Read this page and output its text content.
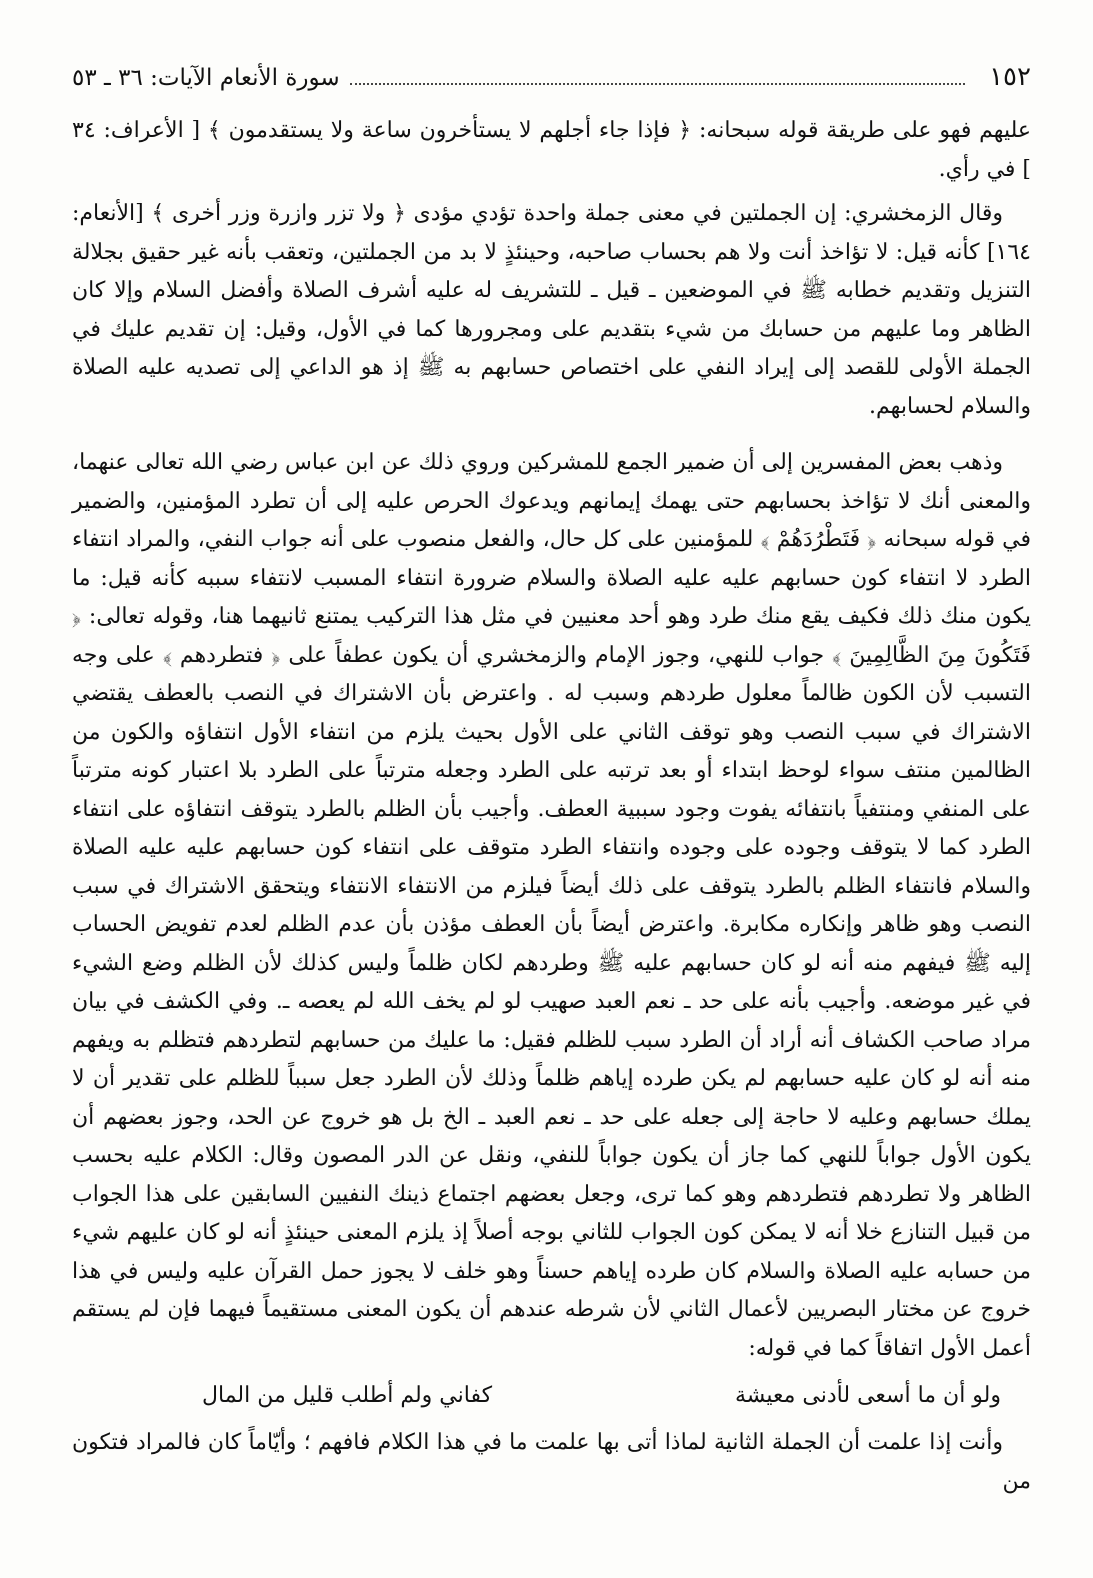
١٥٢
سورة الأنعام الآيات: ٣٦ ـ ٥٣

عليهم فهو على طريقة قوله سبحانه: ﴿ فإذا جاء أجلهم لا يستأخرون ساعة ولا يستقدمون ﴾ [ الأعراف: ٣٤ ] في رأي.

وقال الزمخشري: إن الجملتين في معنى جملة واحدة تؤدي مؤدى ﴿ ولا تزر وازرة وزر أخرى ﴾ [الأنعام: ١٦٤] كأنه قيل: لا تؤاخذ أنت ولا هم بحساب صاحبه، وحينئذٍ لا بد من الجملتين، وتعقب بأنه غير حقيق بجلالة التنزيل وتقديم خطابه ﷺ في الموضعين ـ قيل ـ للتشريف له عليه أشرف الصلاة وأفضل السلام وإلا كان الظاهر وما عليهم من حسابك من شيء بتقديم على ومجرورها كما في الأول، وقيل: إن تقديم عليك في الجملة الأولى للقصد إلى إيراد النفي على اختصاص حسابهم به ﷺ إذ هو الداعي إلى تصديه عليه الصلاة والسلام لحسابهم.

وذهب بعض المفسرين إلى أن ضمير الجمع للمشركين وروي ذلك عن ابن عباس رضي الله تعالى عنهما، والمعنى أنك لا تؤاخذ بحسابهم حتى يهمك إيمانهم ويدعوك الحرص عليه إلى أن تطرد المؤمنين، والضمير في قوله سبحانه ﴿ فَتَطْرُدَهُمْ ﴾ للمؤمنين على كل حال، والفعل منصوب على أنه جواب النفي، والمراد انتفاء الطرد لا انتفاء كون حسابهم عليه عليه الصلاة والسلام ضرورة انتفاء المسبب لانتفاء سببه كأنه قيل: ما يكون منك ذلك فكيف يقع منك طرد وهو أحد معنيين في مثل هذا التركيب يمتنع ثانيهما هنا، وقوله تعالى: ﴿ فَتَكُونَ مِنَ الظَّالِمِينَ ﴾ جواب للنهي، وجوز الإمام والزمخشري أن يكون عطفاً على ﴿ فتطردهم ﴾ على وجه التسبب لأن الكون ظالماً معلول طردهم وسبب له . واعترض بأن الاشتراك في النصب بالعطف يقتضي الاشتراك في سبب النصب وهو توقف الثاني على الأول بحيث يلزم من انتفاء الأول انتفاؤه والكون من الظالمين منتف سواء لوحظ ابتداء أو بعد ترتبه على الطرد وجعله مترتباً على الطرد بلا اعتبار كونه مترتباً على المنفي ومنتفياً بانتفائه يفوت وجود سببية العطف. وأجيب بأن الظلم بالطرد يتوقف انتفاؤه على انتفاء الطرد كما لا يتوقف وجوده على وجوده وانتفاء الطرد متوقف على انتفاء كون حسابهم عليه عليه الصلاة والسلام فانتفاء الظلم بالطرد يتوقف على ذلك أيضاً فيلزم من الانتفاء الانتفاء ويتحقق الاشتراك في سبب النصب وهو ظاهر وإنكاره مكابرة. واعترض أيضاً بأن العطف مؤذن بأن عدم الظلم لعدم تفويض الحساب إليه ﷺ فيفهم منه أنه لو كان حسابهم عليه ﷺ وطردهم لكان ظلماً وليس كذلك لأن الظلم وضع الشيء في غير موضعه. وأجيب بأنه على حد ـ نعم العبد صهيب لو لم يخف الله لم يعصه ـ. وفي الكشف في بيان مراد صاحب الكشاف أنه أراد أن الطرد سبب للظلم فقيل: ما عليك من حسابهم لتطردهم فتظلم به ويفهم منه أنه لو كان عليه حسابهم لم يكن طرده إياهم ظلماً وذلك لأن الطرد جعل سبباً للظلم على تقدير أن لا يملك حسابهم وعليه لا حاجة إلى جعله على حد ـ نعم العبد ـ الخ بل هو خروج عن الحد، وجوز بعضهم أن يكون الأول جواباً للنهي كما جاز أن يكون جواباً للنفي، ونقل عن الدر المصون وقال: الكلام عليه بحسب الظاهر ولا تطردهم فتطردهم وهو كما ترى، وجعل بعضهم اجتماع ذينك النفيين السابقين على هذا الجواب من قبيل التنازع خلا أنه لا يمكن كون الجواب للثاني بوجه أصلاً إذ يلزم المعنى حينئذٍ أنه لو كان عليهم شيء من حسابه عليه الصلاة والسلام كان طرده إياهم حسناً وهو خلف لا يجوز حمل القرآن عليه وليس في هذا خروج عن مختار البصريين لأعمال الثاني لأن شرطه عندهم أن يكون المعنى مستقيماً فيهما فإن لم يستقم أعمل الأول اتفاقاً كما في قوله:

ولو أن ما أسعى لأدنى معيشة
كفاني ولم أطلب قليل من المال

وأنت إذا علمت أن الجملة الثانية لماذا أتى بها علمت ما في هذا الكلام فافهم ؛ وأيّاماً كان فالمراد فتكون من
